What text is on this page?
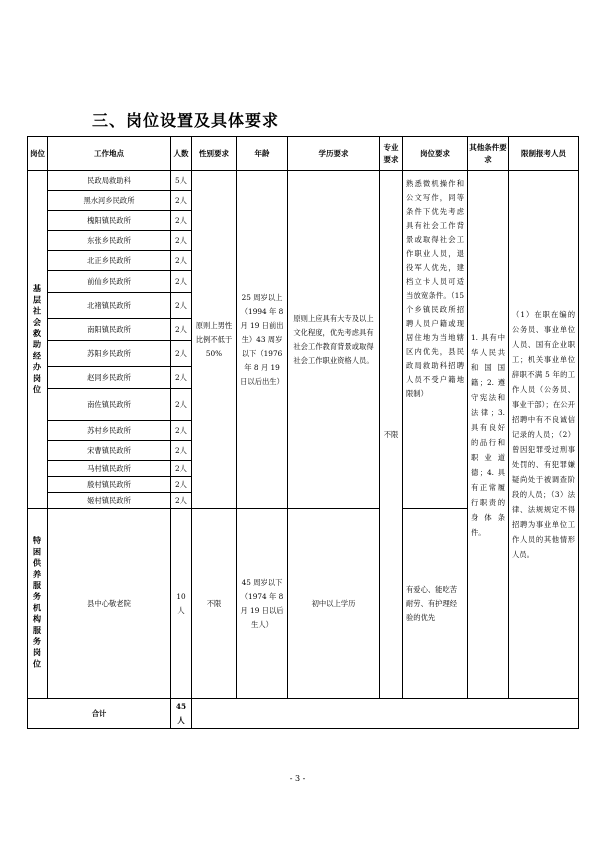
三、岗位设置及具体要求
岗位	工作地点	人数	性别要求	年龄	学历要求	专业要求	岗位要求	其他条件要求	限制报考人员

基层社会救助经办岗位	民政局救助科	5人	原则上男性比例不低于 50%	25 周岁以上（1994 年 8 月 19 日前出生）43 周岁以下（1976 年 8 月 19 日以后出生）	原则上应具有大专及以上文化程度，优先考虑具有社会工作教育背景或取得社会工作职业资格人员。	不限	熟悉微机操作和公文写作，同等条件下优先考虑具有社会工作背景或取得社会工作职业人员，退役军人优先，建档立卡人员可适当放宽条件。（15 个乡镇民政所招聘人员户籍或现居住地为当地辖区内优先，县民政局救助科招聘人员不受户籍地限制）	1. 具有中华人民共和国国籍；2. 遵守宪法和法律；3. 具有良好的品行和职业道德；4. 具有正常履行职责的身体条件。	（1）在职在编的公务员、事业单位人员、国有企业职工；机关事业单位辞职不满 5 年的工作人员（公务员、事业干部）；在公开招聘中有不良诚信记录的人员；（2）曾因犯罪受过刑事处罚的、有犯罪嫌疑尚处于被调查阶段的人员；（3）法律、法规规定不得招聘为事业单位工作人员的其他情形人员。

	黑水河乡民政所	2人							
	槐阳镇民政所	2人							
	东张乡民政所	2人							
	北正乡民政所	2人							
	前仙乡民政所	2人							
	北褚镇民政所	2人							
	南阳镇民政所	2人							
	苏阳乡民政所	2人							
	赵同乡民政所	2人							
	南佐镇民政所	2人							
	苏村乡民政所	2人							
	宋曹镇民政所	2人							
	马村镇民政所	2人							
	殷村镇民政所	2人							
	姬村镇民政所	2人							

特困供养服务机构服务岗位	县中心敬老院	10人	不限	45 周岁以下（1974 年 8 月 19 日以后生人）	初中以上学历		有爱心、能吃苦耐劳、有护理经验的优先		

合计		45人							

- 3 -
